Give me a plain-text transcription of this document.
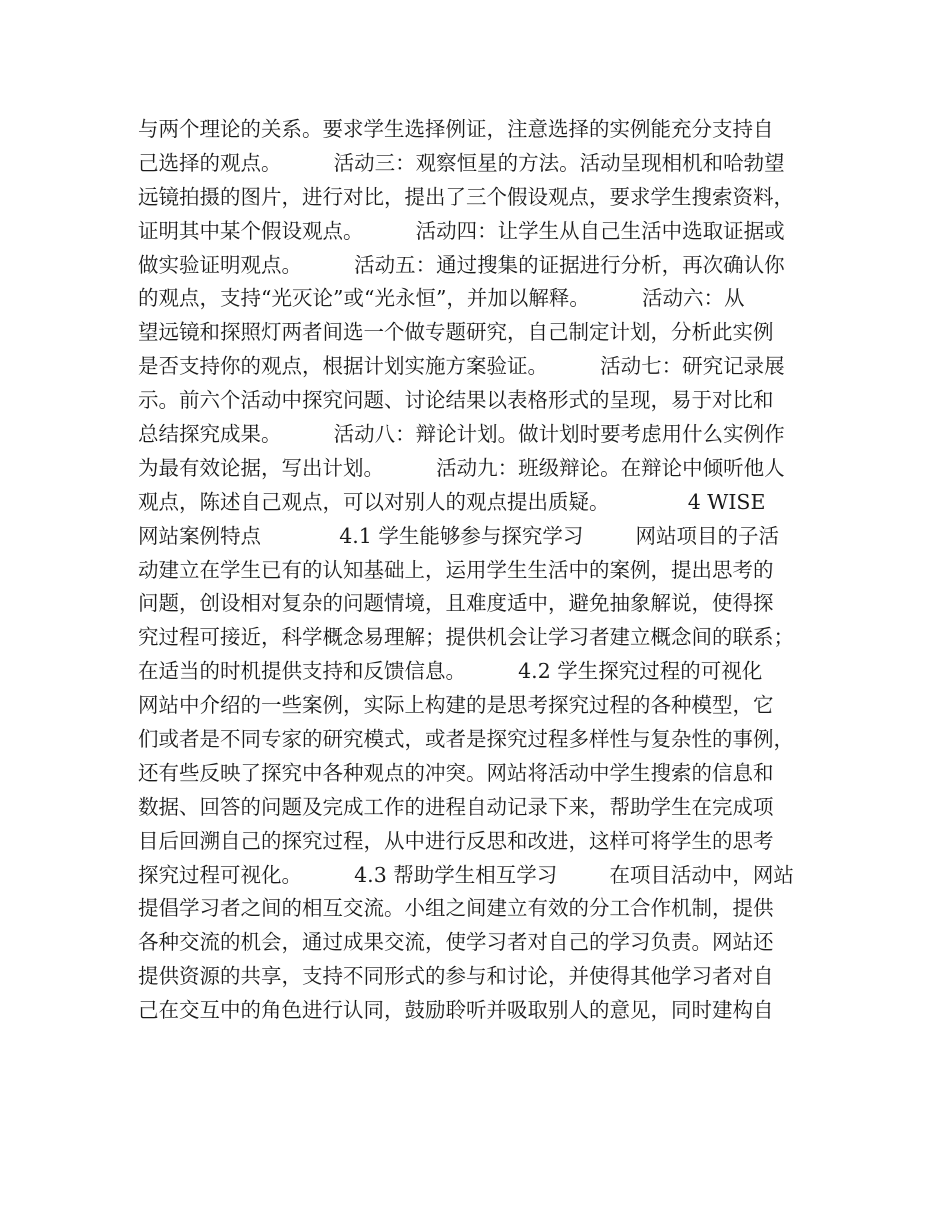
与两个理论的关系。要求学生选择例证，注意选择的实例能充分支持自
己选择的观点。        活动三：观察恒星的方法。活动呈现相机和哈勃望
远镜拍摄的图片，进行对比，提出了三个假设观点，要求学生搜索资料，
证明其中某个假设观点。        活动四：让学生从自己生活中选取证据或
做实验证明观点。        活动五：通过搜集的证据进行分析，再次确认你
的观点，支持“光灭论”或“光永恒”，并加以解释。        活动六：从
望远镜和探照灯两者间选一个做专题研究，自己制定计划，分析此实例
是否支持你的观点，根据计划实施方案验证。        活动七：研究记录展
示。前六个活动中探究问题、讨论结果以表格形式的呈现，易于对比和
总结探究成果。        活动八：辩论计划。做计划时要考虑用什么实例作
为最有效论据，写出计划。        活动九：班级辩论。在辩论中倾听他人
观点，陈述自己观点，可以对别人的观点提出质疑。            4 WISE
网站案例特点            4.1 学生能够参与探究学习        网站项目的子活
动建立在学生已有的认知基础上，运用学生生活中的案例，提出思考的
问题，创设相对复杂的问题情境，且难度适中，避免抽象解说，使得探
究过程可接近，科学概念易理解；提供机会让学习者建立概念间的联系；
在适当的时机提供支持和反馈信息。        4.2 学生探究过程的可视化
网站中介绍的一些案例，实际上构建的是思考探究过程的各种模型，它
们或者是不同专家的研究模式，或者是探究过程多样性与复杂性的事例，
还有些反映了探究中各种观点的冲突。网站将活动中学生搜索的信息和
数据、回答的问题及完成工作的进程自动记录下来，帮助学生在完成项
目后回溯自己的探究过程，从中进行反思和改进，这样可将学生的思考
探究过程可视化。        4.3 帮助学生相互学习        在项目活动中，网站
提倡学习者之间的相互交流。小组之间建立有效的分工合作机制，提供
各种交流的机会，通过成果交流，使学习者对自己的学习负责。网站还
提供资源的共享，支持不同形式的参与和讨论，并使得其他学习者对自
己在交互中的角色进行认同，鼓励聆听并吸取别人的意见，同时建构自
